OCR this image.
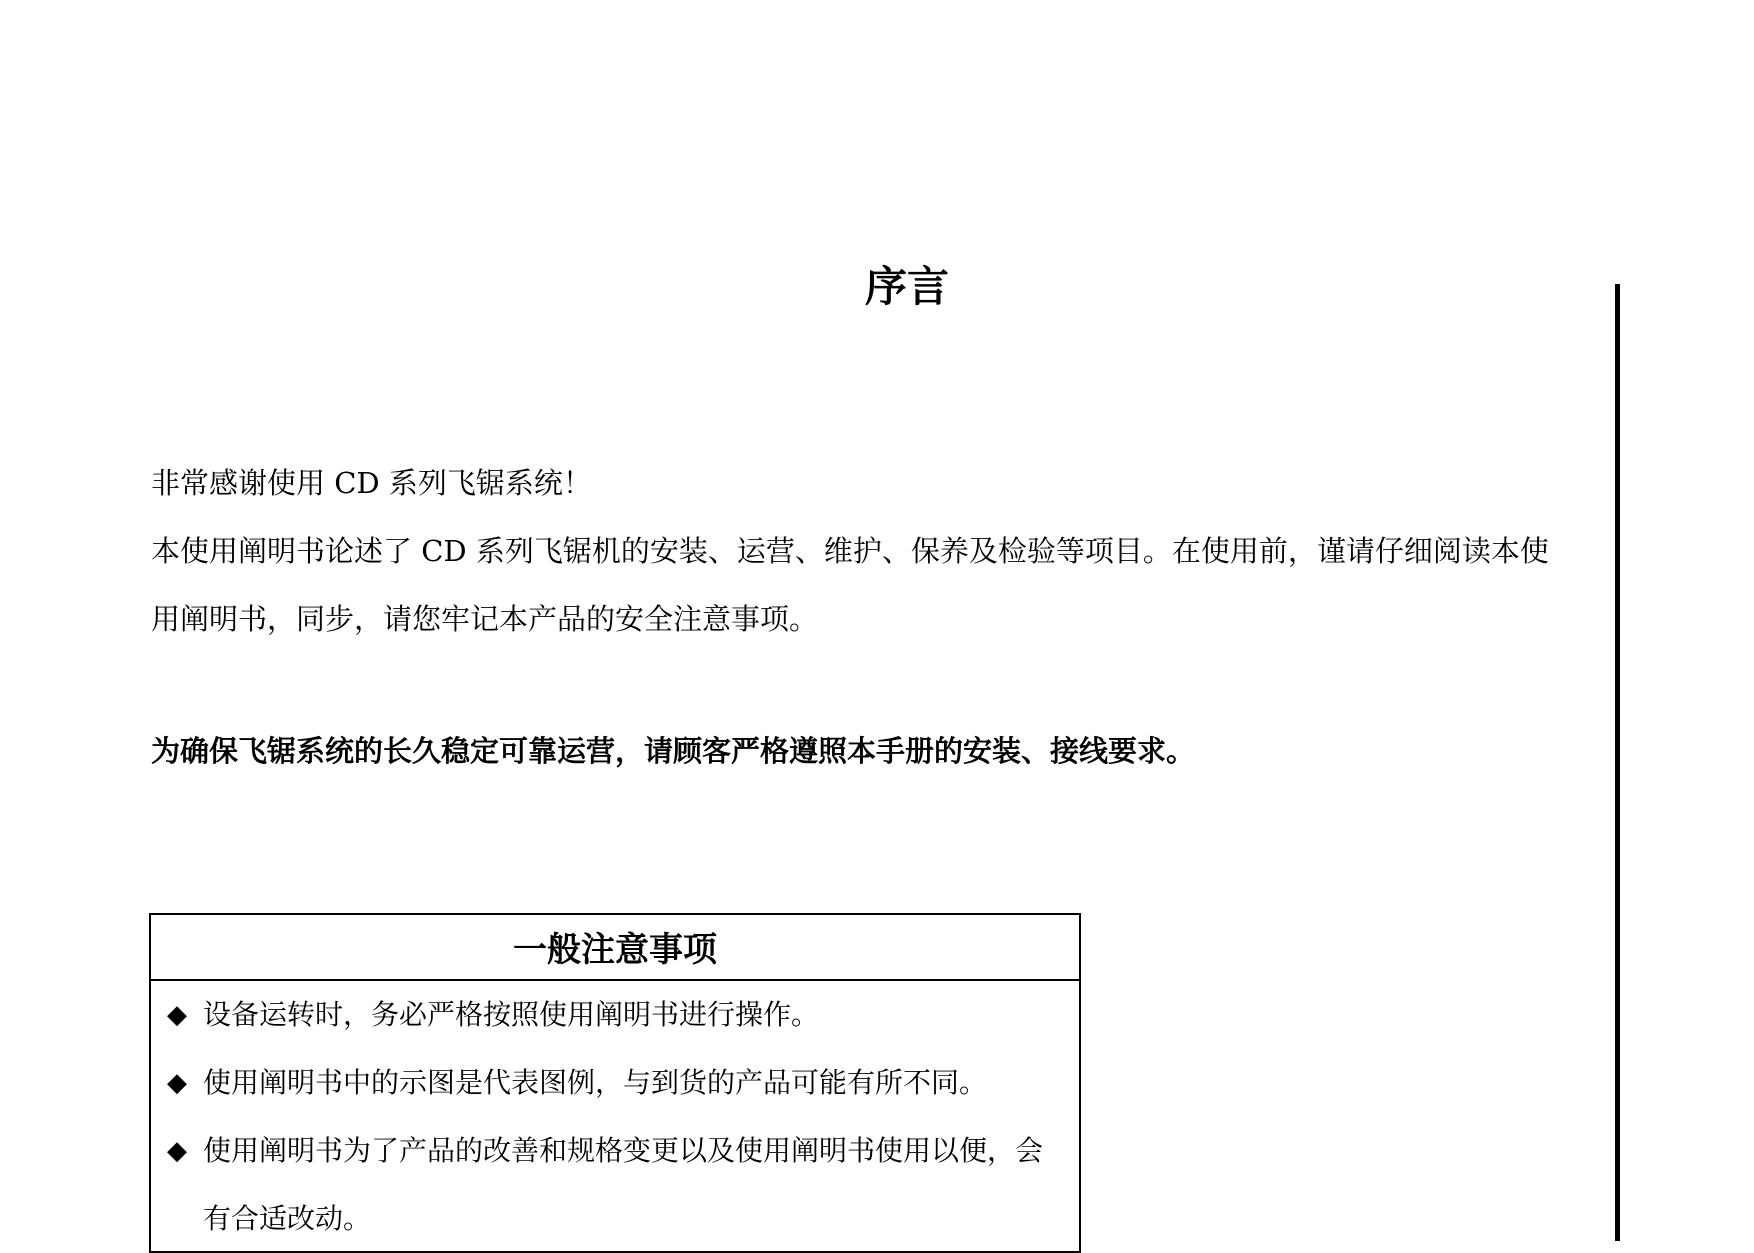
序言
非常感谢使用 CD 系列飞锯系统！
本使用阐明书论述了 CD 系列飞锯机的安装、运营、维护、保养及检验等项目。在使用前，谨请仔细阅读本使
用阐明书，同步，请您牢记本产品的安全注意事项。
为确保飞锯系统的长久稳定可靠运营，请顾客严格遵照本手册的安装、接线要求。
一般注意事项
◆ 设备运转时，务必严格按照使用阐明书进行操作。
◆ 使用阐明书中的示图是代表图例，与到货的产品可能有所不同。
◆ 使用阐明书为了产品的改善和规格变更以及使用阐明书使用以便，会有合适改动。
